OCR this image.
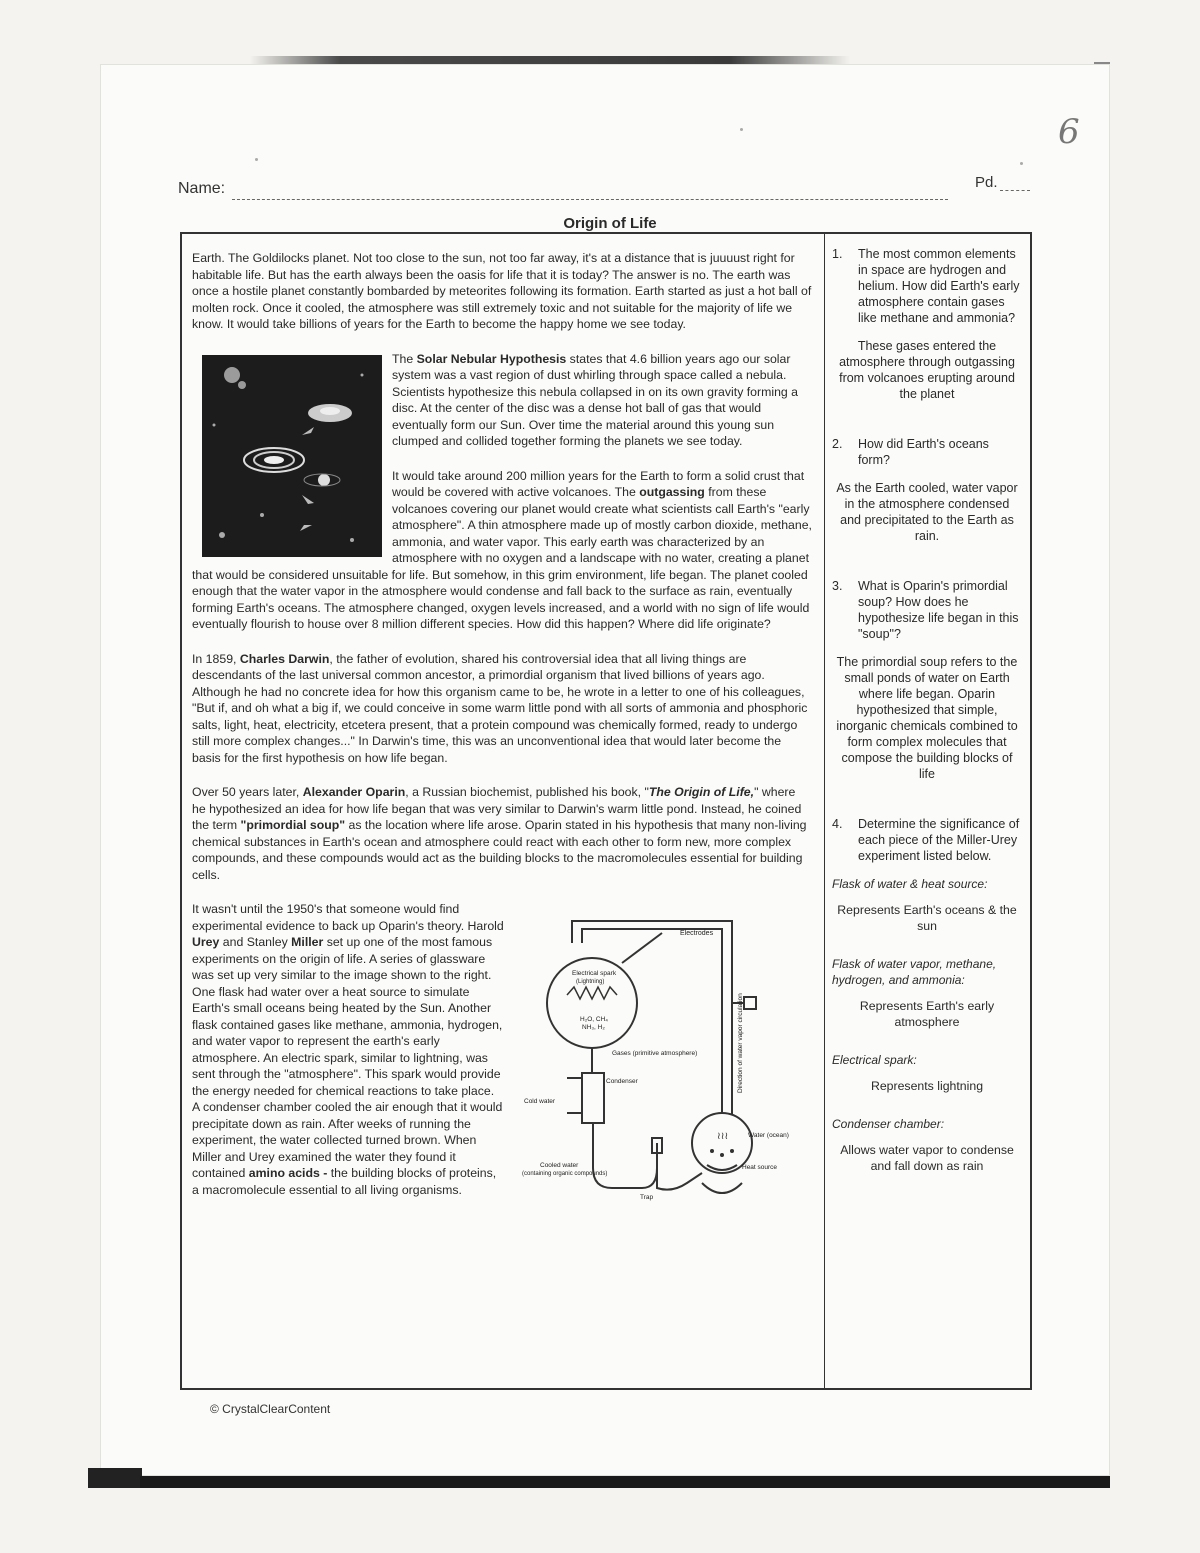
6
Name:	Pd.
Origin of Life

Earth. The Goldilocks planet. Not too close to the sun, not too far away, it's at a distance that is juuuust right for habitable life. But has the earth always been the oasis for life that it is today? The answer is no. The earth was once a hostile planet constantly bombarded by meteorites following its formation. Earth started as just a hot ball of molten rock. Once it cooled, the atmosphere was still extremely toxic and not suitable for the majority of life we know. It would take billions of years for the Earth to become the happy home we see today.

The Solar Nebular Hypothesis states that 4.6 billion years ago our solar system was a vast region of dust whirling through space called a nebula. Scientists hypothesize this nebula collapsed in on its own gravity forming a disc. At the center of the disc was a dense hot ball of gas that would eventually form our Sun. Over time the material around this young sun clumped and collided together forming the planets we see today.

It would take around 200 million years for the Earth to form a solid crust that would be covered with active volcanoes. The outgassing from these volcanoes covering our planet would create what scientists call Earth's "early atmosphere". A thin atmosphere made up of mostly carbon dioxide, methane, ammonia, and water vapor. This early earth was characterized by an atmosphere with no oxygen and a landscape with no water, creating a planet that would be considered unsuitable for life. But somehow, in this grim environment, life began. The planet cooled enough that the water vapor in the atmosphere would condense and fall back to the surface as rain, eventually forming Earth's oceans. The atmosphere changed, oxygen levels increased, and a world with no sign of life would eventually flourish to house over 8 million different species. How did this happen? Where did life originate?

In 1859, Charles Darwin, the father of evolution, shared his controversial idea that all living things are descendants of the last universal common ancestor, a primordial organism that lived billions of years ago. Although he had no concrete idea for how this organism came to be, he wrote in a letter to one of his colleagues, "But if, and oh what a big if, we could conceive in some warm little pond with all sorts of ammonia and phosphoric salts, light, heat, electricity, etcetera present, that a protein compound was chemically formed, ready to undergo still more complex changes..." In Darwin's time, this was an unconventional idea that would later become the basis for the first hypothesis on how life began.

Over 50 years later, Alexander Oparin, a Russian biochemist, published his book, "The Origin of Life," where he hypothesized an idea for how life began that was very similar to Darwin's warm little pond. Instead, he coined the term "primordial soup" as the location where life arose. Oparin stated in his hypothesis that many non-living chemical substances in Earth's ocean and atmosphere could react with each other to form new, more complex compounds, and these compounds would act as the building blocks to the macromolecules essential for building cells.

≀≀≀
Electrodes
Electrical spark
(Lightning)
H₂O, CH₄
NH₃, H₂
Gases (primitive atmosphere)
Condenser
Cold water
Cooled water
(containing organic compounds)
Water (ocean)
Heat source
Trap
Direction of water vapor circulation

It wasn't until the 1950's that someone would find experimental evidence to back up Oparin's theory. Harold Urey and Stanley Miller set up one of the most famous experiments on the origin of life. A series of glassware was set up very similar to the image shown to the right. One flask had water over a heat source to simulate Earth's small oceans being heated by the Sun. Another flask contained gases like methane, ammonia, hydrogen, and water vapor to represent the earth's early atmosphere. An electric spark, similar to lightning, was sent through the "atmosphere". This spark would provide the energy needed for chemical reactions to take place. A condenser chamber cooled the air enough that it would precipitate down as rain. After weeks of running the experiment, the water collected turned brown. When Miller and Urey examined the water they found it contained amino acids - the building blocks of proteins, a macromolecule essential to all living organisms.

1.	The most common elements in space are hydrogen and helium. How did Earth's early atmosphere contain gases like methane and ammonia?
These gases entered the atmosphere through outgassing from volcanoes erupting around the planet
2.	How did Earth's oceans form?
As the Earth cooled, water vapor in the atmosphere condensed and precipitated to the Earth as rain.
3.	What is Oparin's primordial soup? How does he hypothesize life began in this "soup"?
The primordial soup refers to the small ponds of water on Earth where life began. Oparin hypothesized that simple, inorganic chemicals combined to form complex molecules that compose the building blocks of life
4.	Determine the significance of each piece of the Miller-Urey experiment listed below.
Flask of water & heat source:
Represents Earth's oceans & the sun
Flask of water vapor, methane, hydrogen, and ammonia:
Represents Earth's early atmosphere
Electrical spark:
Represents lightning
Condenser chamber:
Allows water vapor to condense and fall down as rain
© CrystalClearContent
